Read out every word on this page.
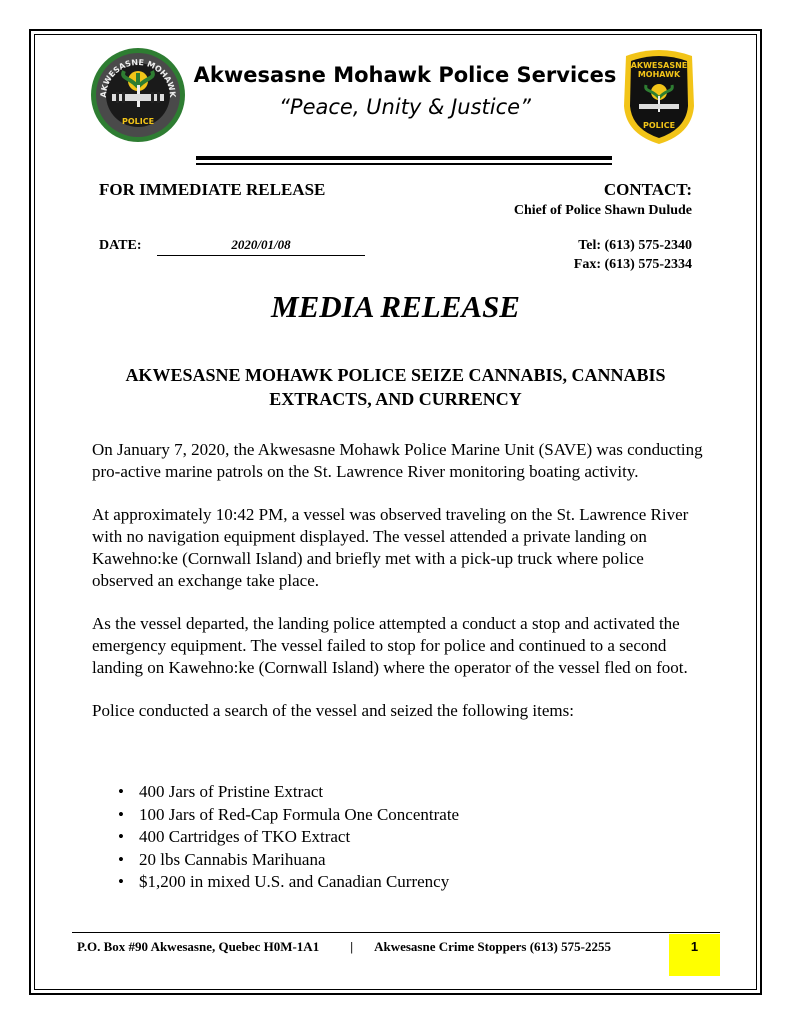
AKWESASNE MOHAWK
POLICE
Akwesasne Mohawk Police Services
“Peace, Unity & Justice”
AKWESASNE
MOHAWK
POLICE
FOR IMMEDIATE RELEASE	CONTACT:
Chief of Police Shawn Dulude
DATE:	2020/01/08	Tel: (613) 575-2340
Fax: (613) 575-2334
MEDIA RELEASE
AKWESASNE MOHAWK POLICE SEIZE CANNABIS, CANNABIS EXTRACTS, AND CURRENCY

On January 7, 2020, the Akwesasne Mohawk Police Marine Unit (SAVE) was conducting pro-active marine patrols on the St. Lawrence River monitoring boating activity.

At approximately 10:42 PM, a vessel was observed traveling on the St. Lawrence River with no navigation equipment displayed. The vessel attended a private landing on Kawehno:ke (Cornwall Island) and briefly met with a pick-up truck where police observed an exchange take place.

As the vessel departed, the landing police attempted a conduct a stop and activated the emergency equipment. The vessel failed to stop for police and continued to a second landing on Kawehno:ke (Cornwall Island) where the operator of the vessel fled on foot.

Police conducted a search of the vessel and seized the following items:

• 400 Jars of Pristine Extract
• 100 Jars of Red-Cap Formula One Concentrate
• 400 Cartridges of TKO Extract
• 20 lbs Cannabis Marihuana
• $1,200 in mixed U.S. and Canadian Currency
P.O. Box #90 Akwesasne, Quebec H0M-1A1 | Akwesasne Crime Stoppers (613) 575-2255	1
